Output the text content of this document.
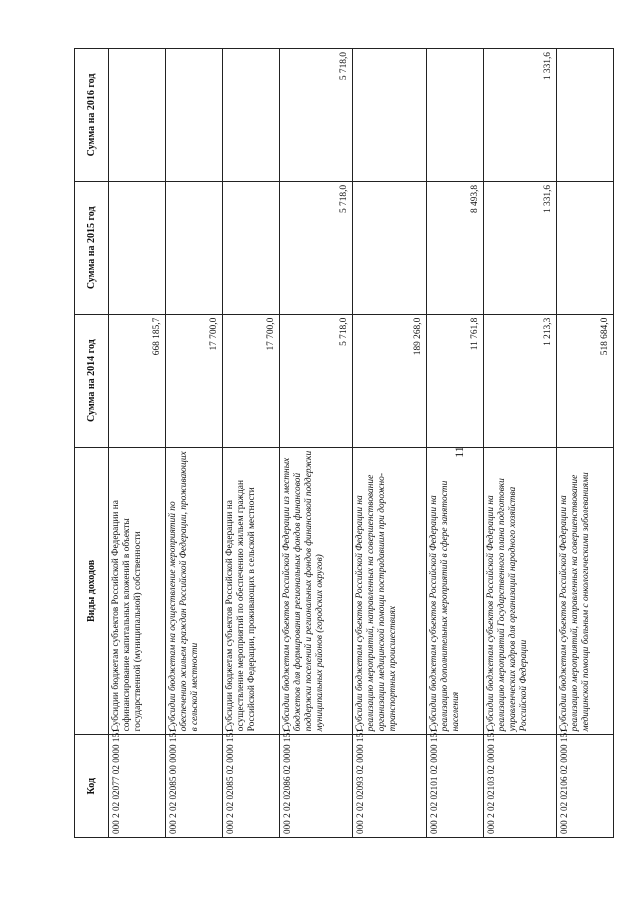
11
Код	Виды доходов	Сумма на 2014 год	Сумма на 2015 год	Сумма на 2016 год
000 2 02 02077 02 0000 151	Субсидии бюджетам субъектов Российской Федерации на софинансирование капитальных вложений в объекты государственной (муниципальной) собственности	668 185,7		
000 2 02 02085 00 0000 151	Субсидии бюджетам на осуществление мероприятий по обеспечению жильем граждан Российской Федерации, проживающих в сельской местности	17 700,0		
000 2 02 02085 02 0000 151	Субсидии бюджетам субъектов Российской Федерации на осуществление мероприятий по обеспечению жильем граждан Российской Федерации, проживающих в сельской местности	17 700,0		
000 2 02 02086 02 0000 151	Субсидии бюджетам субъектов Российской Федерации из местных бюджетов для формирования региональных фондов финансовой поддержки поселений и региональных фондов финансовой поддержки муниципальных районов (городских округов)	5 718,0	5 718,0	5 718,0
000 2 02 02093 02 0000 151	Субсидии бюджетам субъектов Российской Федерации на реализацию мероприятий, направленных на совершенствование организации медицинской помощи пострадавшим при дорожно-транспортных происшествиях	189 268,0		
000 2 02 02101 02 0000 151	Субсидии бюджетам субъектов Российской Федерации на реализацию дополнительных мероприятий в сфере занятости населения	11 761,8	8 493,8	
000 2 02 02103 02 0000 151	Субсидии бюджетам субъектов Российской Федерации на реализацию мероприятий Государственного плана подготовки управленческих кадров для организаций народного хозяйства Российской Федерации	1 213,3	1 331,6	1 331,6
000 2 02 02106 02 0000 151	Субсидии бюджетам субъектов Российской Федерации на реализацию мероприятий, направленных на совершенствование медицинской помощи больным с онкологическими заболеваниями	518 684,0		
